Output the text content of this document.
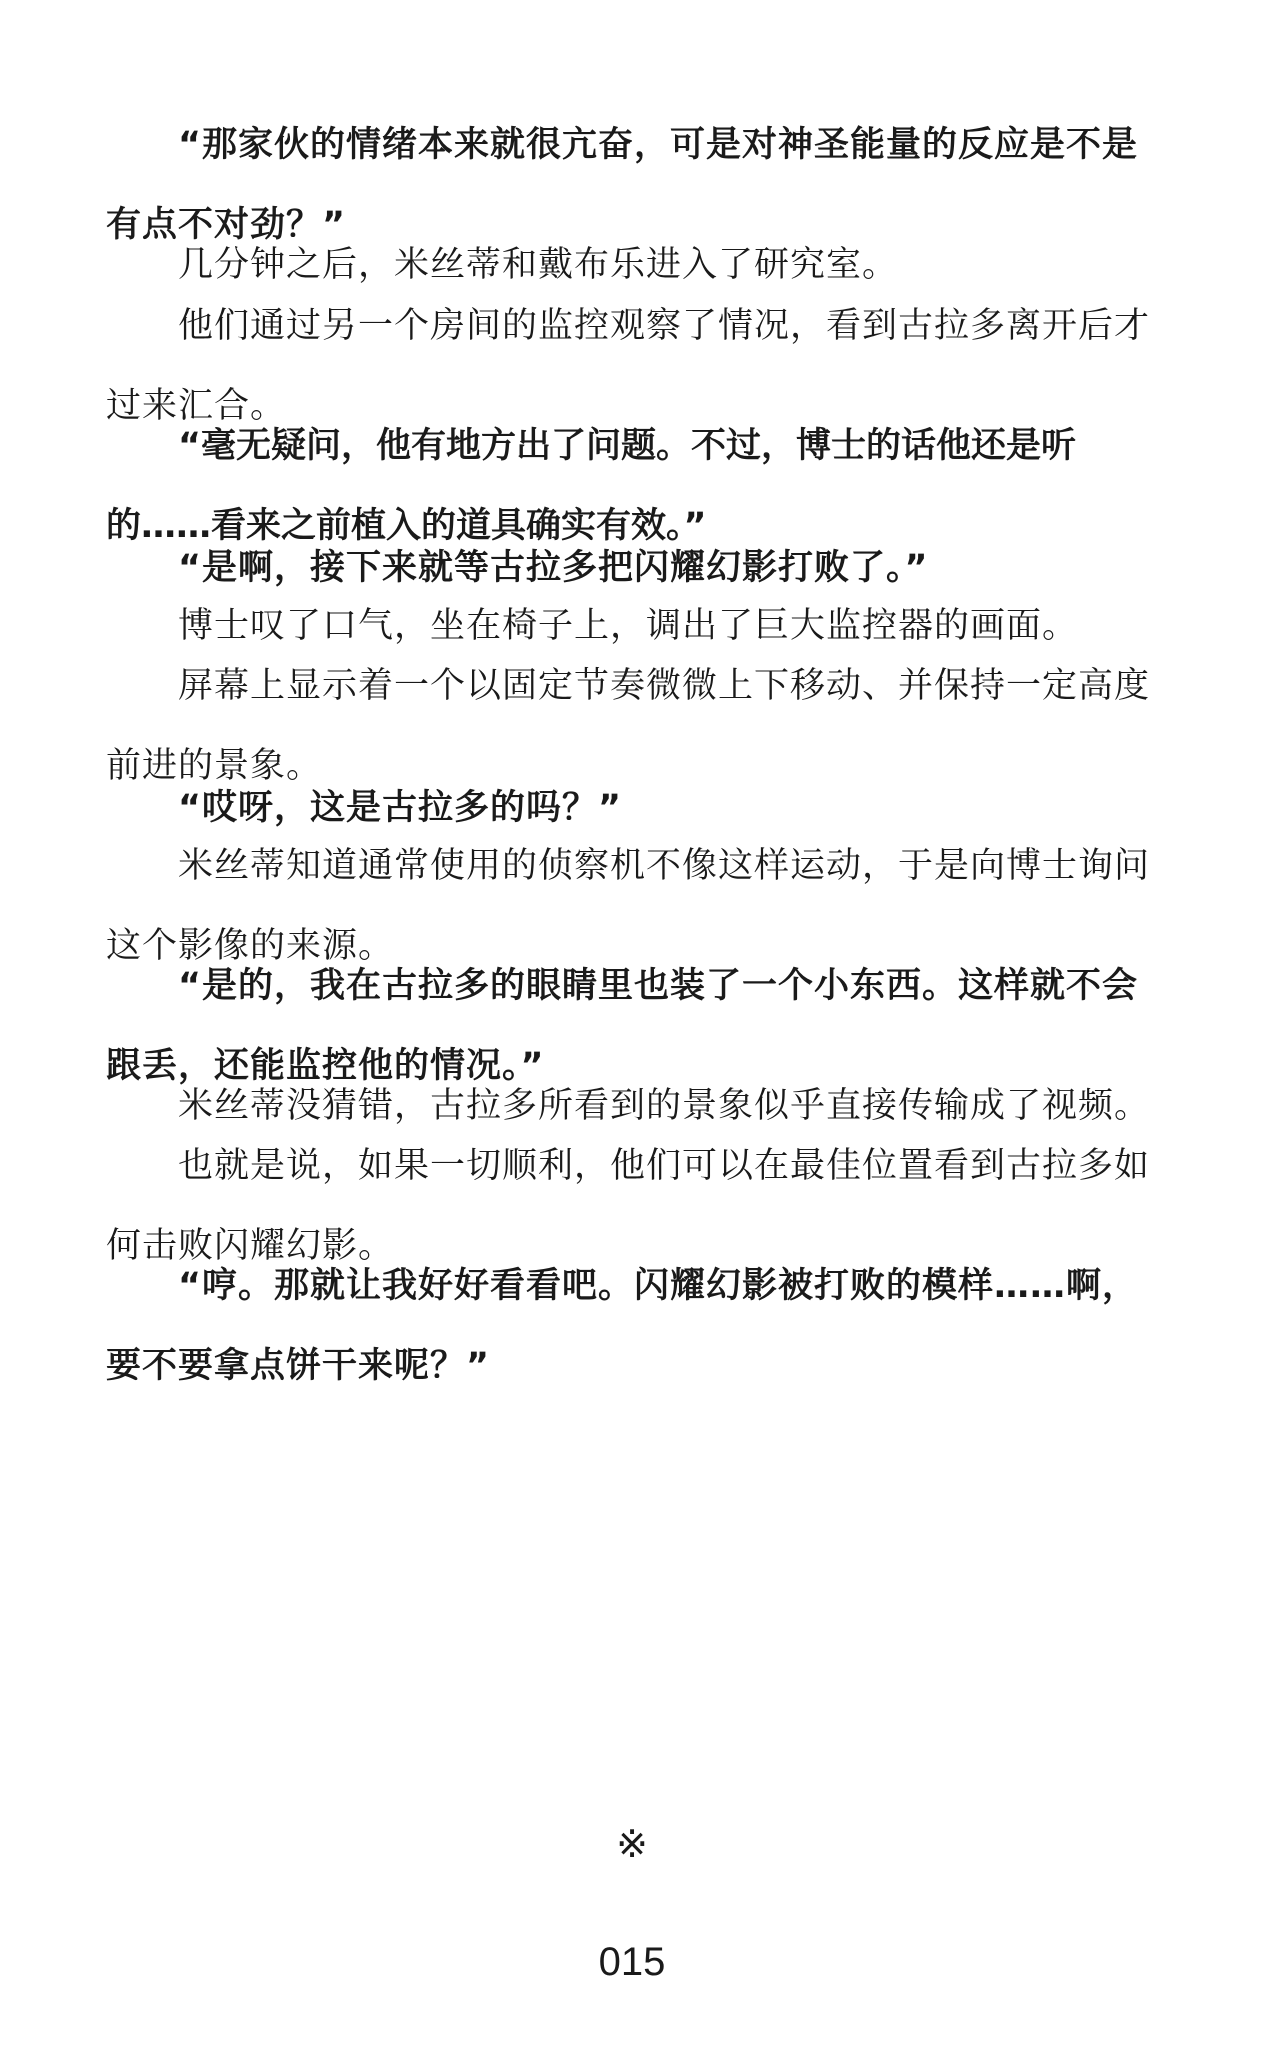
“那家伙的情绪本来就很亢奋，可是对神圣能量的反应是不是有点不对劲？”

几分钟之后，米丝蒂和戴布乐进入了研究室。

他们通过另一个房间的监控观察了情况，看到古拉多离开后才过来汇合。

“毫无疑问，他有地方出了问题。不过，博士的话他还是听的……看来之前植入的道具确实有效。”

“是啊，接下来就等古拉多把闪耀幻影打败了。”

博士叹了口气，坐在椅子上，调出了巨大监控器的画面。

屏幕上显示着一个以固定节奏微微上下移动、并保持一定高度前进的景象。

“哎呀，这是古拉多的吗？”

米丝蒂知道通常使用的侦察机不像这样运动，于是向博士询问这个影像的来源。

“是的，我在古拉多的眼睛里也装了一个小东西。这样就不会跟丢，还能监控他的情况。”

米丝蒂没猜错，古拉多所看到的景象似乎直接传输成了视频。

也就是说，如果一切顺利，他们可以在最佳位置看到古拉多如何击败闪耀幻影。

“哼。那就让我好好看看吧。闪耀幻影被打败的模样……啊，要不要拿点饼干来呢？”

※
015
